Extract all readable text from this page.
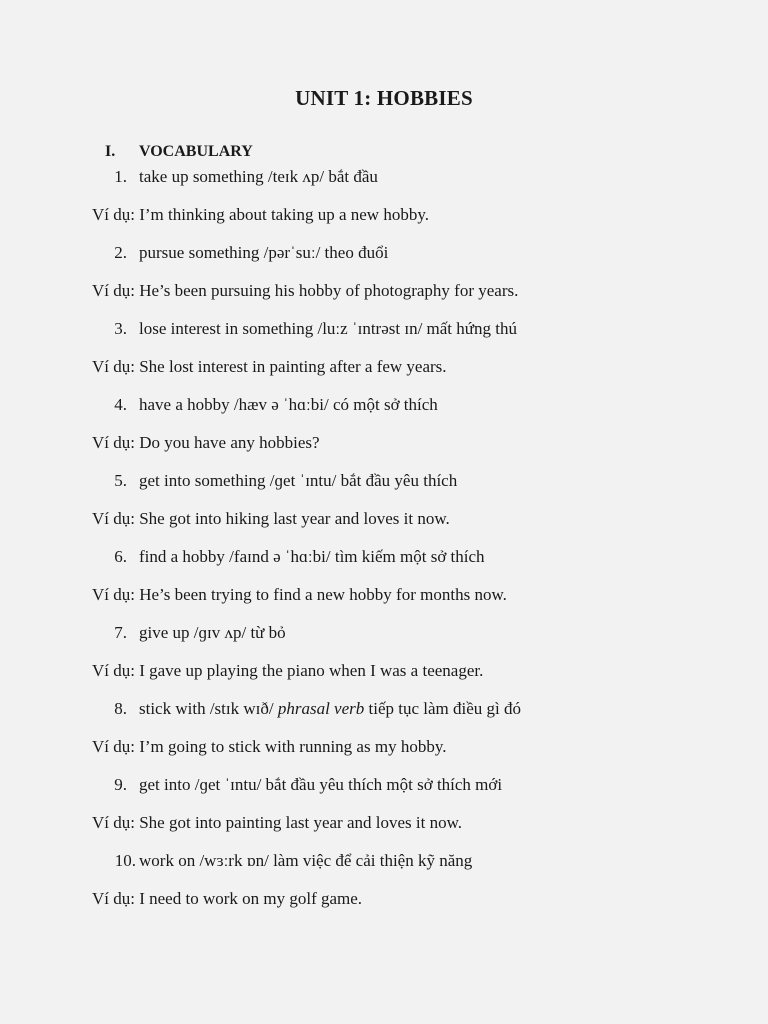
UNIT 1: HOBBIES
I. VOCABULARY
1. take up something /teɪk ʌp/ bắt đầu
Ví dụ: I’m thinking about taking up a new hobby.
2. pursue something /pərˈsuː/ theo đuổi
Ví dụ: He’s been pursuing his hobby of photography for years.
3. lose interest in something /luːz ˈɪntrəst ɪn/ mất hứng thú
Ví dụ: She lost interest in painting after a few years.
4. have a hobby /hæv ə ˈhɑːbi/ có một sở thích
Ví dụ: Do you have any hobbies?
5. get into something /ɡet ˈɪntu/ bắt đầu yêu thích
Ví dụ: She got into hiking last year and loves it now.
6. find a hobby /faɪnd ə ˈhɑːbi/ tìm kiếm một sở thích
Ví dụ: He’s been trying to find a new hobby for months now.
7. give up /ɡɪv ʌp/ từ bỏ
Ví dụ: I gave up playing the piano when I was a teenager.
8. stick with /stɪk wɪð/ phrasal verb tiếp tục làm điều gì đó
Ví dụ: I’m going to stick with running as my hobby.
9. get into /ɡet ˈɪntu/ bắt đầu yêu thích một sở thích mới
Ví dụ: She got into painting last year and loves it now.
10. work on /wɜːrk ɒn/ làm việc để cải thiện kỹ năng
Ví dụ: I need to work on my golf game.
